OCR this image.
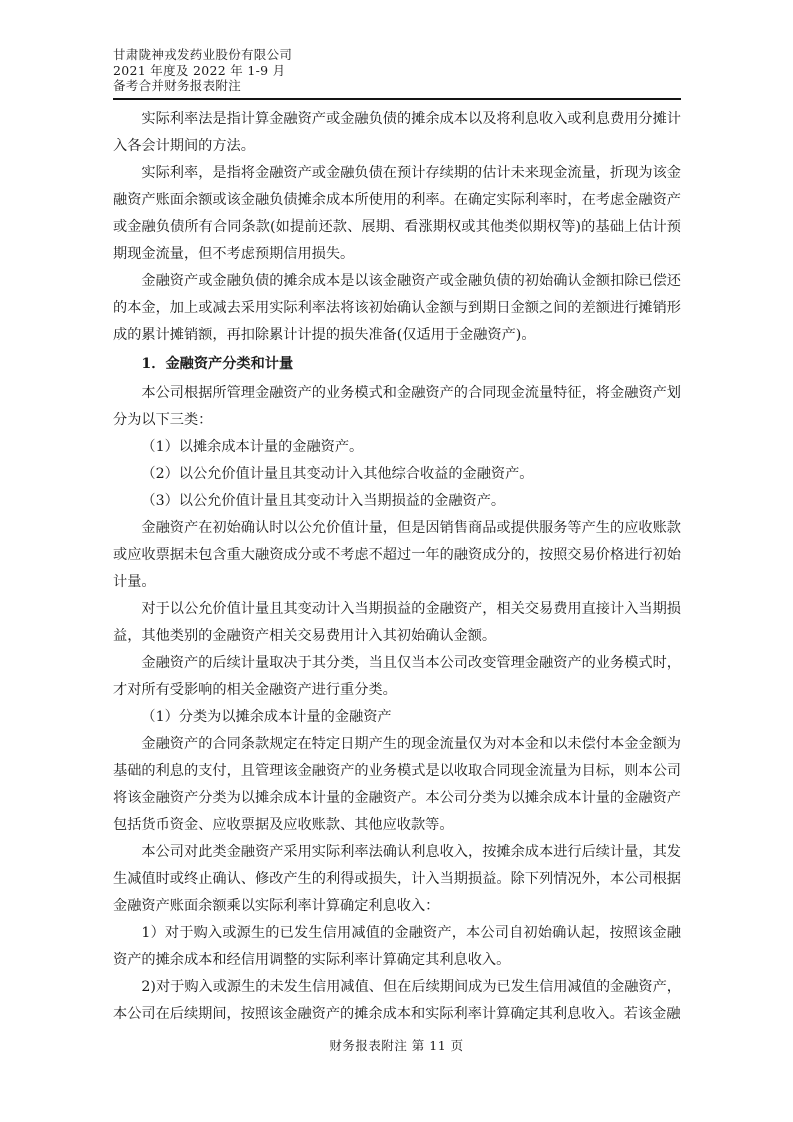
甘肃陇神戎发药业股份有限公司
2021 年度及 2022 年 1-9 月
备考合并财务报表附注

实际利率法是指计算金融资产或金融负债的摊余成本以及将利息收入或利息费用分摊计入各会计期间的方法。

实际利率，是指将金融资产或金融负债在预计存续期的估计未来现金流量，折现为该金融资产账面余额或该金融负债摊余成本所使用的利率。在确定实际利率时，在考虑金融资产或金融负债所有合同条款(如提前还款、展期、看涨期权或其他类似期权等)的基础上估计预期现金流量，但不考虑预期信用损失。

金融资产或金融负债的摊余成本是以该金融资产或金融负债的初始确认金额扣除已偿还的本金，加上或减去采用实际利率法将该初始确认金额与到期日金额之间的差额进行摊销形成的累计摊销额，再扣除累计计提的损失准备(仅适用于金融资产)。

1．金融资产分类和计量

本公司根据所管理金融资产的业务模式和金融资产的合同现金流量特征，将金融资产划分为以下三类：

（1）以摊余成本计量的金融资产。

（2）以公允价值计量且其变动计入其他综合收益的金融资产。

（3）以公允价值计量且其变动计入当期损益的金融资产。

金融资产在初始确认时以公允价值计量，但是因销售商品或提供服务等产生的应收账款或应收票据未包含重大融资成分或不考虑不超过一年的融资成分的，按照交易价格进行初始计量。

对于以公允价值计量且其变动计入当期损益的金融资产，相关交易费用直接计入当期损益，其他类别的金融资产相关交易费用计入其初始确认金额。

金融资产的后续计量取决于其分类，当且仅当本公司改变管理金融资产的业务模式时，才对所有受影响的相关金融资产进行重分类。

（1）分类为以摊余成本计量的金融资产

金融资产的合同条款规定在特定日期产生的现金流量仅为对本金和以未偿付本金金额为基础的利息的支付，且管理该金融资产的业务模式是以收取合同现金流量为目标，则本公司将该金融资产分类为以摊余成本计量的金融资产。本公司分类为以摊余成本计量的金融资产包括货币资金、应收票据及应收账款、其他应收款等。

本公司对此类金融资产采用实际利率法确认利息收入，按摊余成本进行后续计量，其发生减值时或终止确认、修改产生的利得或损失，计入当期损益。除下列情况外，本公司根据金融资产账面余额乘以实际利率计算确定利息收入：

1）对于购入或源生的已发生信用减值的金融资产，本公司自初始确认起，按照该金融资产的摊余成本和经信用调整的实际利率计算确定其利息收入。

2)对于购入或源生的未发生信用减值、但在后续期间成为已发生信用减值的金融资产，本公司在后续期间，按照该金融资产的摊余成本和实际利率计算确定其利息收入。若该金融

财务报表附注 第 11 页
